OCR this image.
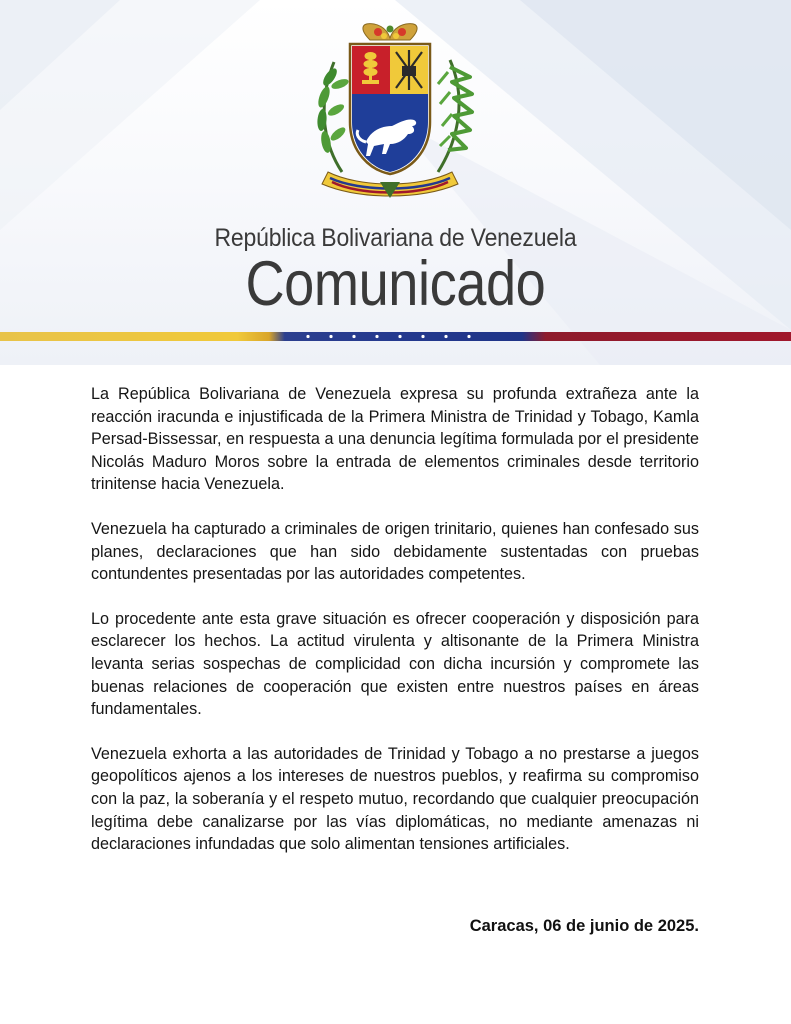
República Bolivariana de Venezuela
Comunicado

La República Bolivariana de Venezuela expresa su profunda extrañeza ante la reacción iracunda e injustificada de la Primera Ministra de Trinidad y Tobago, Kamla Persad-Bissessar, en respuesta a una denuncia legítima formulada por el presidente Nicolás Maduro Moros sobre la entrada de elementos criminales desde territorio trinitense hacia Venezuela.

Venezuela ha capturado a criminales de origen trinitario, quienes han confesado sus planes, declaraciones que han sido debidamente sustentadas con pruebas contundentes presentadas por las autoridades competentes.

Lo procedente ante esta grave situación es ofrecer cooperación y disposición para esclarecer los hechos. La actitud virulenta y altisonante de la Primera Ministra levanta serias sospechas de complicidad con dicha incursión y compromete las buenas relaciones de cooperación que existen entre nuestros países en áreas fundamentales.

Venezuela exhorta a las autoridades de Trinidad y Tobago a no prestarse a juegos geopolíticos ajenos a los intereses de nuestros pueblos, y reafirma su compromiso con la paz, la soberanía y el respeto mutuo, recordando que cualquier preocupación legítima debe canalizarse por las vías diplomáticas, no mediante amenazas ni declaraciones infundadas que solo alimentan tensiones artificiales.

Caracas, 06 de junio de 2025.
